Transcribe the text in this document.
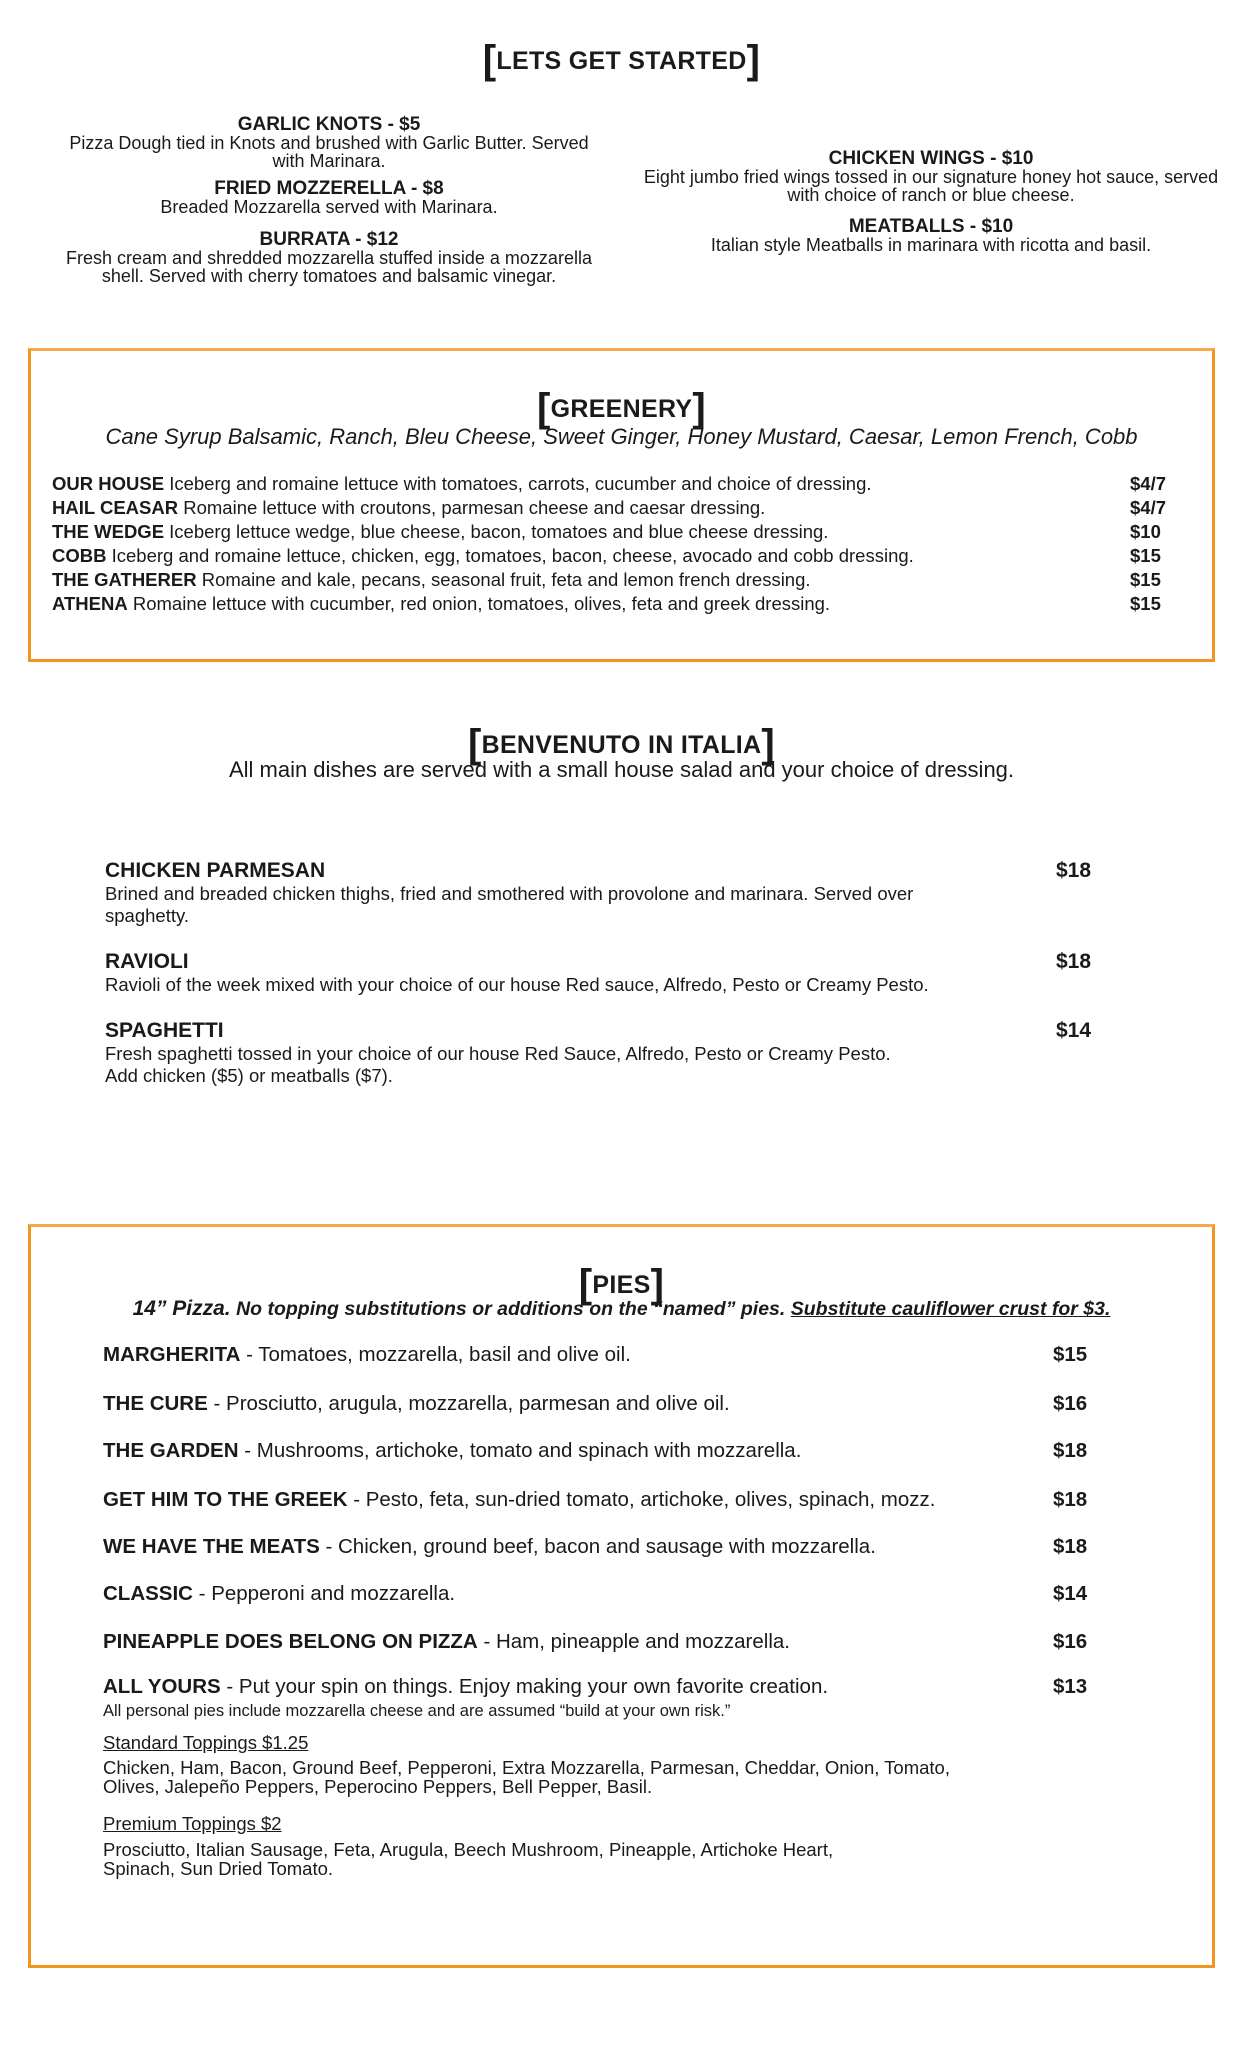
[LETS GET STARTED]
GARLIC KNOTS - $5
Pizza Dough tied in Knots and brushed with Garlic Butter. Served with Marinara.
FRIED MOZZERELLA - $8
Breaded Mozzarella served with Marinara.
BURRATA - $12
Fresh cream and shredded mozzarella stuffed inside a mozzarella shell. Served with cherry tomatoes and balsamic vinegar.
CHICKEN WINGS - $10
Eight jumbo fried wings tossed in our signature honey hot sauce, served with choice of ranch or blue cheese.
MEATBALLS - $10
Italian style Meatballs in marinara with ricotta and basil.
[GREENERY]
Cane Syrup Balsamic, Ranch, Bleu Cheese, Sweet Ginger, Honey Mustard, Caesar, Lemon French, Cobb
OUR HOUSE Iceberg and romaine lettuce with tomatoes, carrots, cucumber and choice of dressing.	$4/7
HAIL CEASAR Romaine lettuce with croutons, parmesan cheese and caesar dressing.	$4/7
THE WEDGE Iceberg lettuce wedge, blue cheese, bacon, tomatoes and blue cheese dressing.	$10
COBB Iceberg and romaine lettuce, chicken, egg, tomatoes, bacon, cheese, avocado and cobb dressing.	$15
THE GATHERER Romaine and kale, pecans, seasonal fruit, feta and lemon french dressing.	$15
ATHENA Romaine lettuce with cucumber, red onion, tomatoes, olives, feta and greek dressing.	$15
[BENVENUTO IN ITALIA]
All main dishes are served with a small house salad and your choice of dressing.
CHICKEN PARMESAN	$18
Brined and breaded chicken thighs, fried and smothered with provolone and marinara. Served over
spaghetty.
RAVIOLI	$18
Ravioli of the week mixed with your choice of our house Red sauce, Alfredo, Pesto or Creamy Pesto.
SPAGHETTI	$14
Fresh spaghetti tossed in your choice of our house Red Sauce, Alfredo, Pesto or Creamy Pesto.
Add chicken ($5) or meatballs ($7).
[PIES]
14” Pizza. No topping substitutions or additions on the “named” pies. Substitute cauliflower crust for $3.
MARGHERITA - Tomatoes, mozzarella, basil and olive oil.	$15
THE CURE - Prosciutto, arugula, mozzarella, parmesan and olive oil.	$16
THE GARDEN - Mushrooms, artichoke, tomato and spinach with mozzarella.	$18
GET HIM TO THE GREEK - Pesto, feta, sun-dried tomato, artichoke, olives, spinach, mozz.	$18
WE HAVE THE MEATS - Chicken, ground beef, bacon and sausage with mozzarella.	$18
CLASSIC - Pepperoni and mozzarella.	$14
PINEAPPLE DOES BELONG ON PIZZA - Ham, pineapple and mozzarella.	$16
ALL YOURS - Put your spin on things. Enjoy making your own favorite creation.	$13
All personal pies include mozzarella cheese and are assumed “build at your own risk.”
Standard Toppings $1.25
Chicken, Ham, Bacon, Ground Beef, Pepperoni, Extra Mozzarella, Parmesan, Cheddar, Onion, Tomato,
Olives, Jalepeño Peppers, Peperocino Peppers, Bell Pepper, Basil.
Premium Toppings $2
Prosciutto, Italian Sausage, Feta, Arugula, Beech Mushroom, Pineapple, Artichoke Heart,
Spinach, Sun Dried Tomato.
